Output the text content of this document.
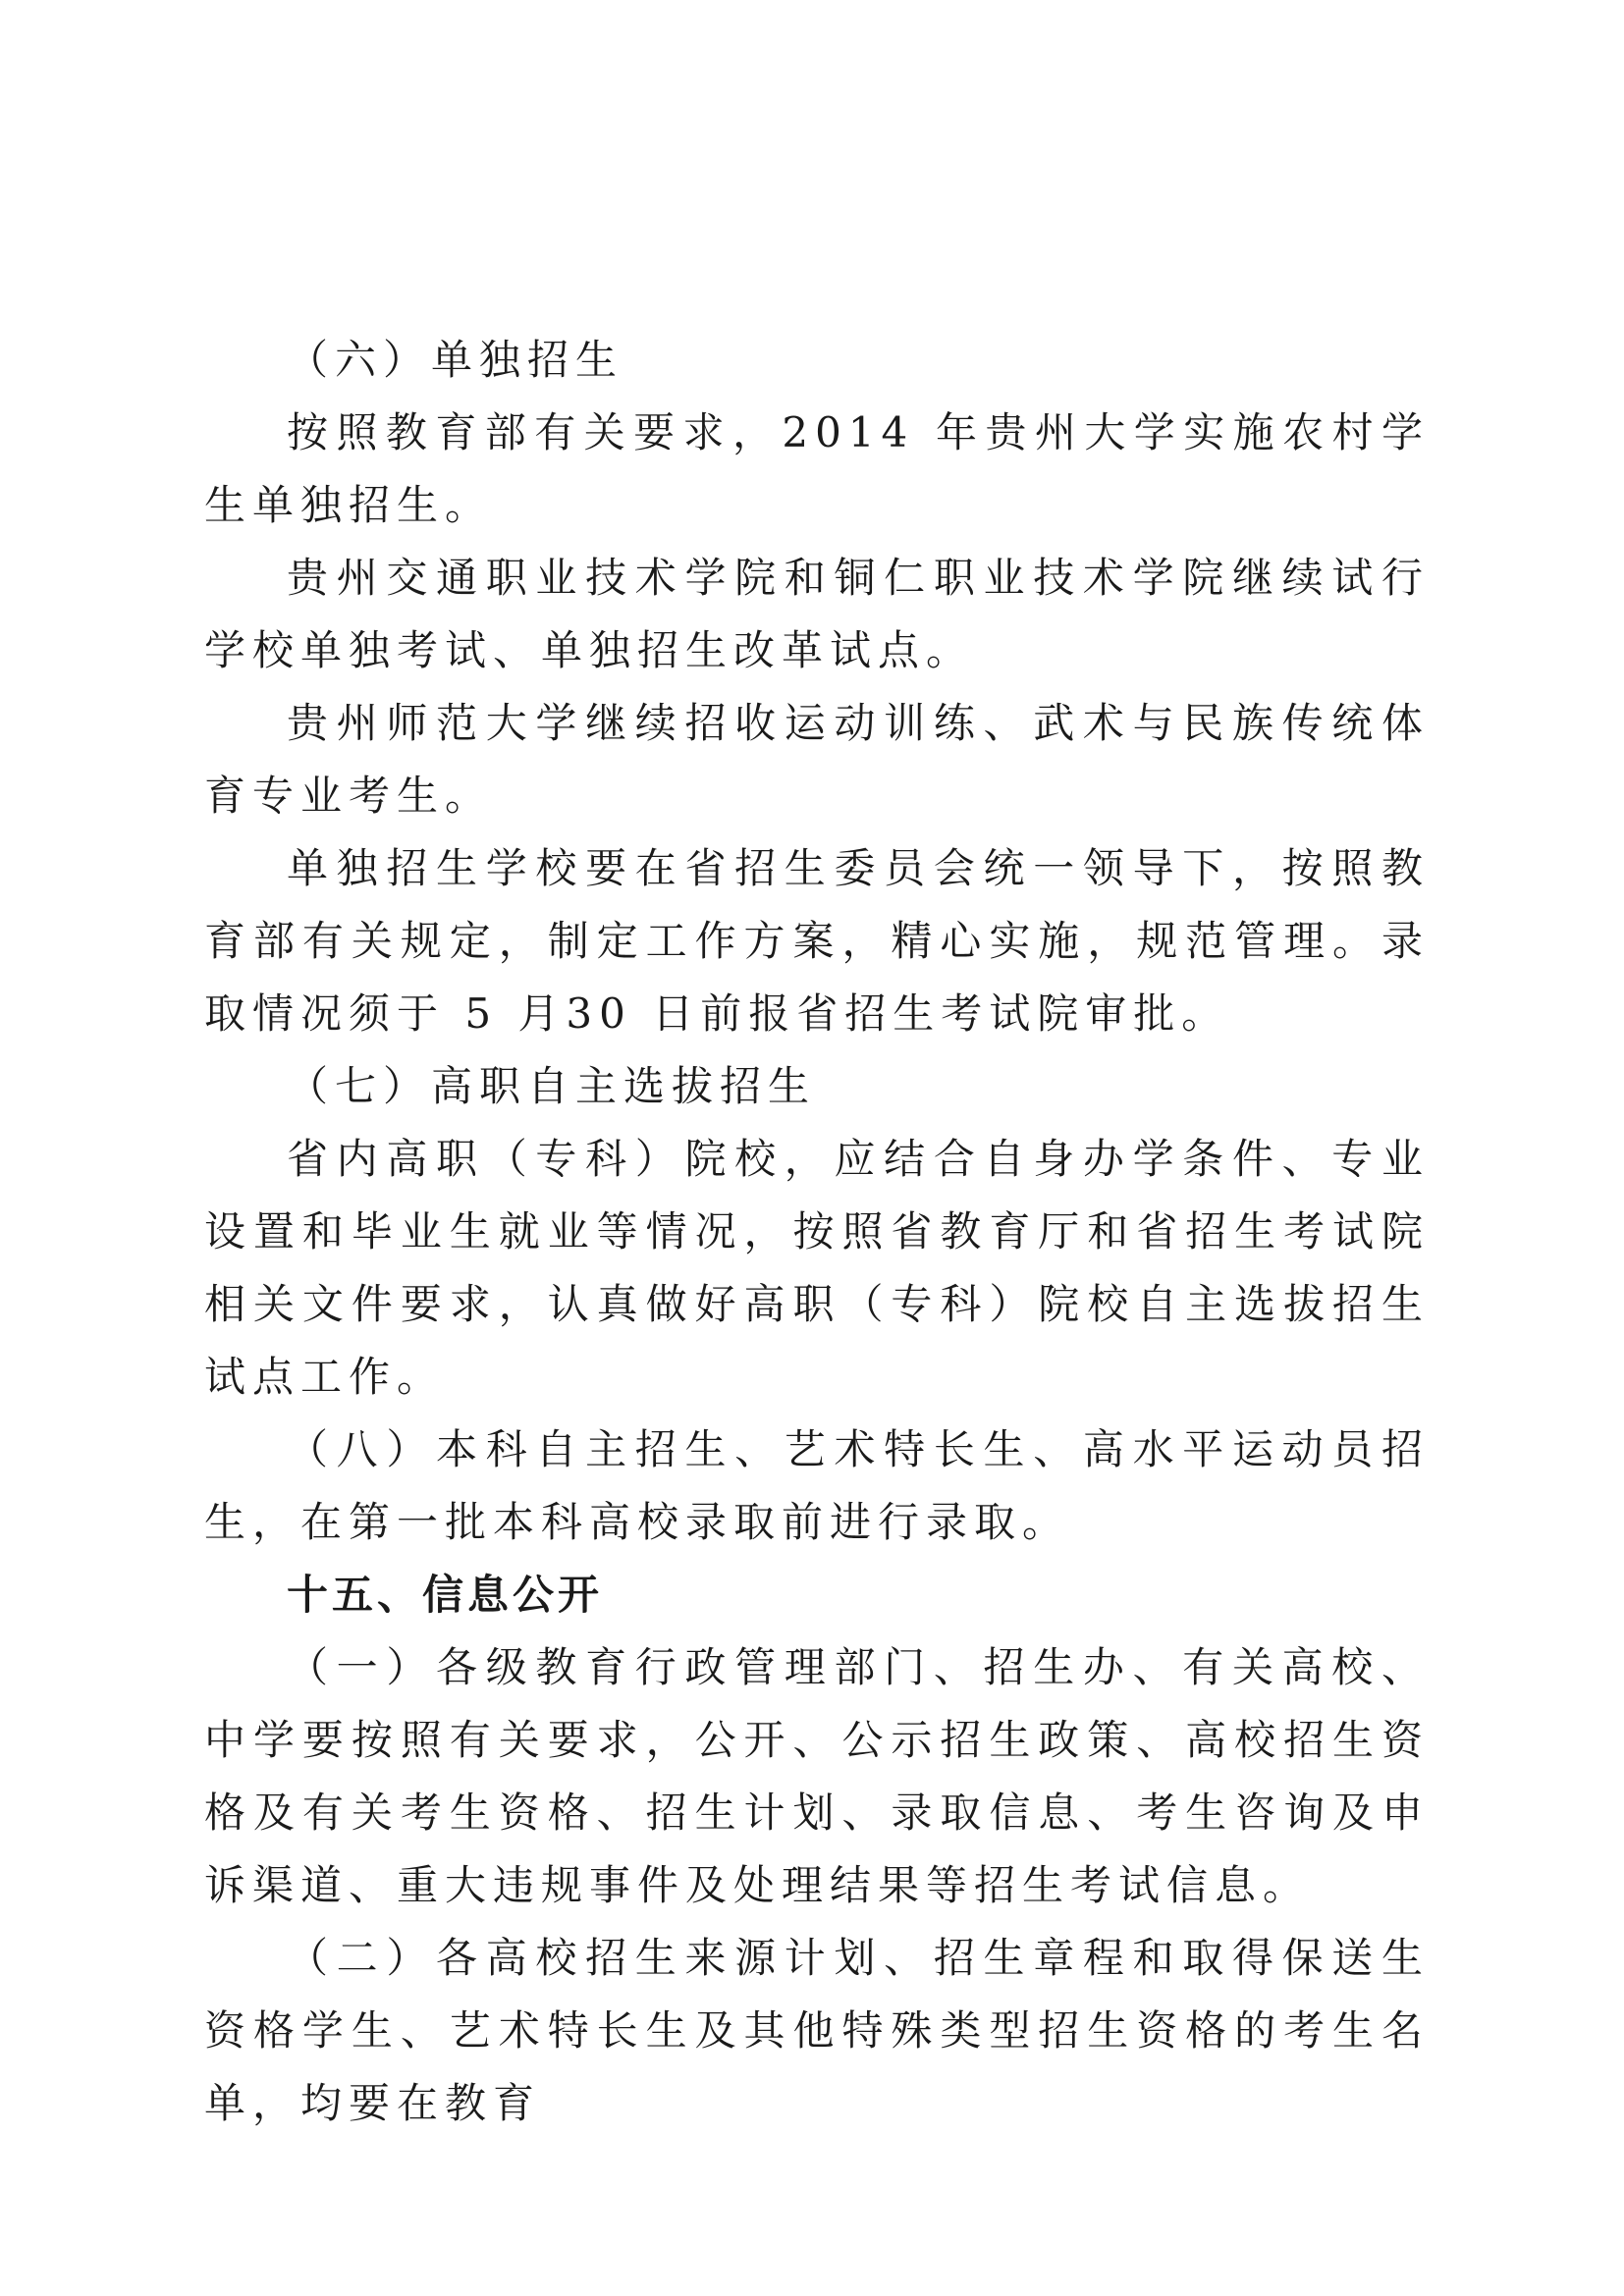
（六）单独招生

按照教育部有关要求，2014 年贵州大学实施农村学生单独招生。

贵州交通职业技术学院和铜仁职业技术学院继续试行学校单独考试、单独招生改革试点。

贵州师范大学继续招收运动训练、武术与民族传统体育专业考生。

单独招生学校要在省招生委员会统一领导下，按照教育部有关规定，制定工作方案，精心实施，规范管理。录取情况须于 5 月30 日前报省招生考试院审批。

（七）高职自主选拔招生

省内高职（专科）院校，应结合自身办学条件、专业设置和毕业生就业等情况，按照省教育厅和省招生考试院相关文件要求，认真做好高职（专科）院校自主选拔招生试点工作。

（八）本科自主招生、艺术特长生、高水平运动员招生，在第一批本科高校录取前进行录取。

十五、信息公开

（一）各级教育行政管理部门、招生办、有关高校、中学要按照有关要求，公开、公示招生政策、高校招生资格及有关考生资格、招生计划、录取信息、考生咨询及申诉渠道、重大违规事件及处理结果等招生考试信息。

（二）各高校招生来源计划、招生章程和取得保送生资格学生、艺术特长生及其他特殊类型招生资格的考生名单，均要在教育
